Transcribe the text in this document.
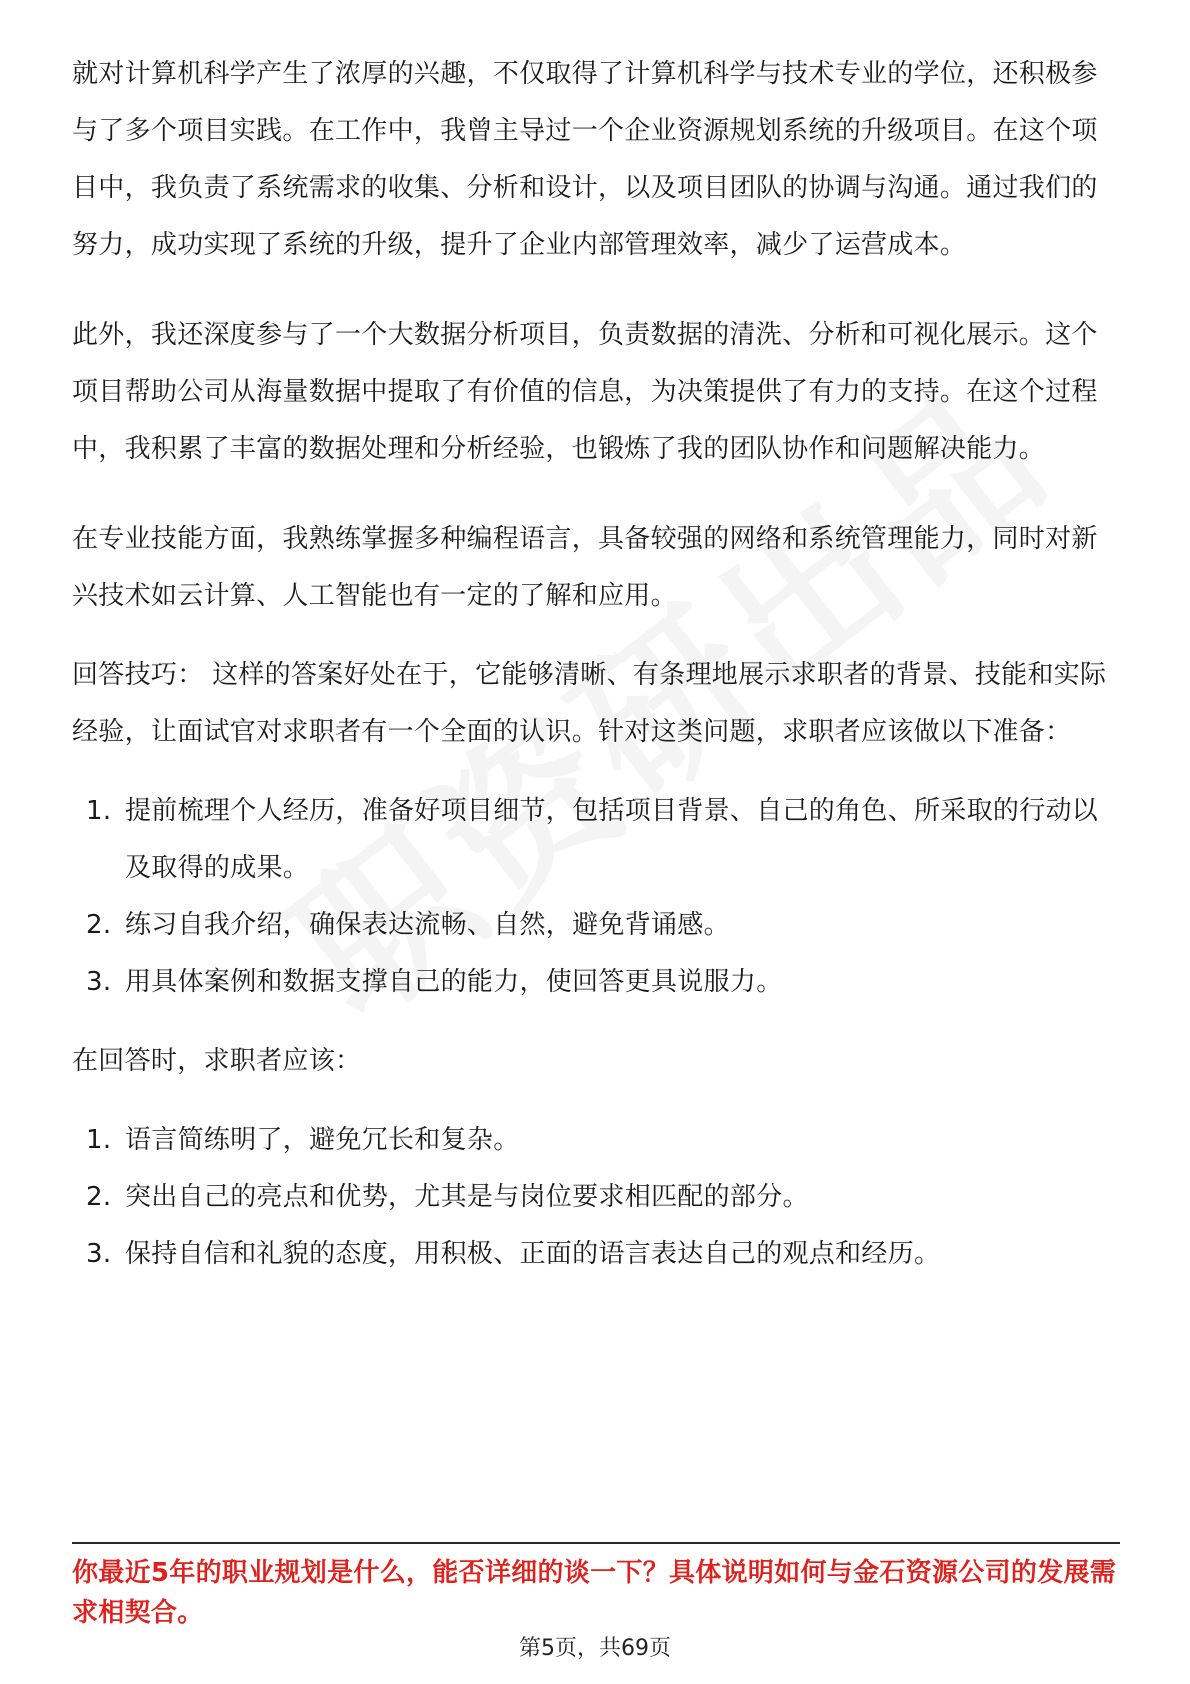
就对计算机科学产生了浓厚的兴趣，不仅取得了计算机科学与技术专业的学位，还积极参与了多个项目实践。在工作中，我曾主导过一个企业资源规划系统的升级项目。在这个项目中，我负责了系统需求的收集、分析和设计，以及项目团队的协调与沟通。通过我们的努力，成功实现了系统的升级，提升了企业内部管理效率，减少了运营成本。

此外，我还深度参与了一个大数据分析项目，负责数据的清洗、分析和可视化展示。这个项目帮助公司从海量数据中提取了有价值的信息，为决策提供了有力的支持。在这个过程中，我积累了丰富的数据处理和分析经验，也锻炼了我的团队协作和问题解决能力。

在专业技能方面，我熟练掌握多种编程语言，具备较强的网络和系统管理能力，同时对新兴技术如云计算、人工智能也有一定的了解和应用。

回答技巧： 这样的答案好处在于，它能够清晰、有条理地展示求职者的背景、技能和实际经验，让面试官对求职者有一个全面的认识。针对这类问题，求职者应该做以下准备：

1. 提前梳理个人经历，准备好项目细节，包括项目背景、自己的角色、所采取的行动以及取得的成果。
2. 练习自我介绍，确保表达流畅、自然，避免背诵感。
3. 用具体案例和数据支撑自己的能力，使回答更具说服力。

在回答时，求职者应该：

1. 语言简练明了，避免冗长和复杂。
2. 突出自己的亮点和优势，尤其是与岗位要求相匹配的部分。
3. 保持自信和礼貌的态度，用积极、正面的语言表达自己的观点和经历。
你最近5年的职业规划是什么，能否详细的谈一下？具体说明如何与金石资源公司的发展需求相契合。
第5页，共69页
